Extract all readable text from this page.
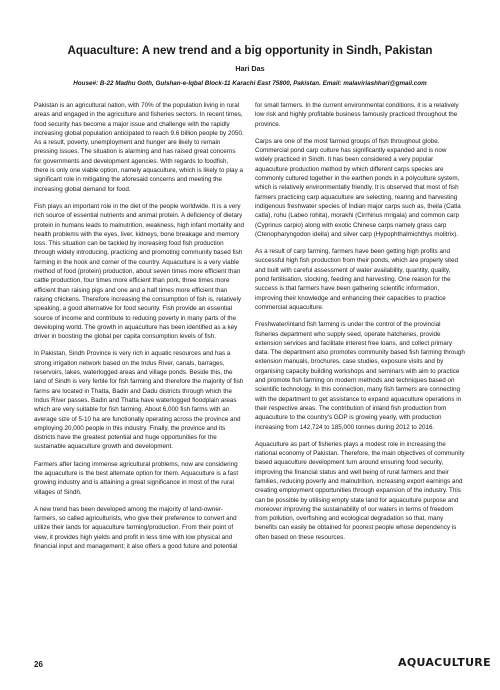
Aquaculture: A new trend and a big opportunity in Sindh, Pakistan
Hari Das
House#: B-22 Madhu Goth, Gulshan-e-Iqbal Block-11 Karachi East 75800, Pakistan. Email: malaviriashhari@gmail.com

Pakistan is an agricultural nation, with 70% of the population living in rural areas and engaged in the agriculture and fisheries sectors. In recent times, food security has become a major issue and challenge with the rapidly increasing global population anticipated to reach 9.6 billion people by 2050. As a result, poverty, unemployment and hunger are likely to remain pressing issues. The situation is alarming and has raised great concerns for governments and development agencies. With regards to foodfish, there is only one viable option, namely aquaculture, which is likely to play a significant role in mitigating the aforesaid concerns and meeting the increasing global demand for food.

Fish plays an important role in the diet of the people worldwide. It is a very rich source of essential nutrients and animal protein. A deficiency of dietary protein in humans leads to malnutrition, weakness, high infant mortality and health problems with the eyes, liver, kidneys, bone breakage and memory loss. This situation can be tackled by increasing food fish production through widely introducing, practicing and promoting community based fish farming in the hook and corner of the country. Aquaculture is a very viable method of food (protein) production, about seven times more efficient than cattle production, four times more efficient than pork, three times more efficient than raising pigs and one and a half times more efficient than raising chickens. Therefore increasing the consumption of fish is, relatively speaking, a good alternative for food security. Fish provide an essential source of income and contribute to reducing poverty in many parts of the developing world. The growth in aquaculture has been identified as a key driver in boosting the global per capita consumption levels of fish.

In Pakistan, Sindh Province is very rich in aquatic resources and has a strong irrigation network based on the Indus River, canals, barrages, reservoirs, lakes, waterlogged areas and village ponds. Beside this, the land of Sindh is very fertile for fish farming and therefore the majority of fish farms are located in Thatta, Badin and Dadu districts through which the Indus River passes. Badin and Thatta have waterlogged floodplain areas which are very suitable for fish farming. About 6,000 fish farms with an average size of 5-10 ha are functionally operating across the province and employing 20,000 people in this industry. Finally, the province and its districts have the greatest potential and huge opportunities for the sustainable aquaculture growth and development.

Farmers after facing immense agricultural problems, now are considering the aquaculture is the best alternate option for them. Aquaculture is a fast growing industry and is attaining a great significance in most of the rural villages of Sindh.

A new trend has been developed among the majority of land-owner-farmers, so called agriculturists, who give their preference to convert and utilize their lands for aquaculture farming/production. From their point of view, it provides high yields and profit in less time with low physical and financial input and management; it also offers a good future and potential

for small farmers. In the current environmental conditions, it is a relatively low risk and highly profitable business famously practiced throughout the province.

Carps are one of the most farmed groups of fish throughout globe. Commercial pond carp culture has significantly expanded and is now widely practiced in Sindh. It has been considered a very popular aquaculture production method by which different carps species are commonly cultured together in the earthen ponds in a polyculture system, which is relatively environmentally friendly. It is observed that most of fish farmers practicing carp aquaculture are selecting, rearing and harvesting indigenous freshwater species of Indian major carps such as, theila (Catla catla), rohu (Labeo rohita), morakhi (Cirrhinus mrigala) and common carp (Cyprinus carpio) along with exotic Chinese carps namely grass carp (Ctenopharyngodon idella) and silver carp (Hypophthalmichthys molitrix).

As a result of carp farming, farmers have been getting high profits and successful high fish production from their ponds, which are properly sited and built with careful assessment of water availability, quantity, quality, pond fertilisation, stocking, feeding and harvesting. One reason for the success is that farmers have been gathering scientific information, improving their knowledge and enhancing their capacities to practice commercial aquaculture.

Freshwater/inland fish farming is under the control of the provincial fisheries department who supply seed, operate hatcheries, provide extension services and facilitate interest free loans, and collect primary data. The department also promotes community based fish farming through extension manuals, brochures, case studies, exposure visits and by organising capacity building workshops and seminars with aim to practice and promote fish farming on modern methods and techniques based on scientific technology. In this connection, many fish farmers are connecting with the department to get assistance to expand aquaculture operations in their respective areas. The contribution of inland fish production from aquaculture to the country's GDP is growing yearly, with production increasing from 142,724 to 185,000 tonnes during 2012 to 2016.

Aquaculture as part of fisheries plays a modest role in increasing the national economy of Pakistan. Therefore, the main objectives of community based aquaculture development turn around ensuring food security, improving the financial status and well being of rural farmers and their families, reducing poverty and malnutrition, increasing export earnings and creating employment opportunities through expansion of the industry. This can be possible by utilising empty state land for aquaculture purpose and moreover improving the sustainability of our waters in terms of freedom from pollution, overfishing and ecological degradation so that, many benefits can easily be obtained for poorest people whose dependency is often based on these resources.

26	AQUACULTURE
